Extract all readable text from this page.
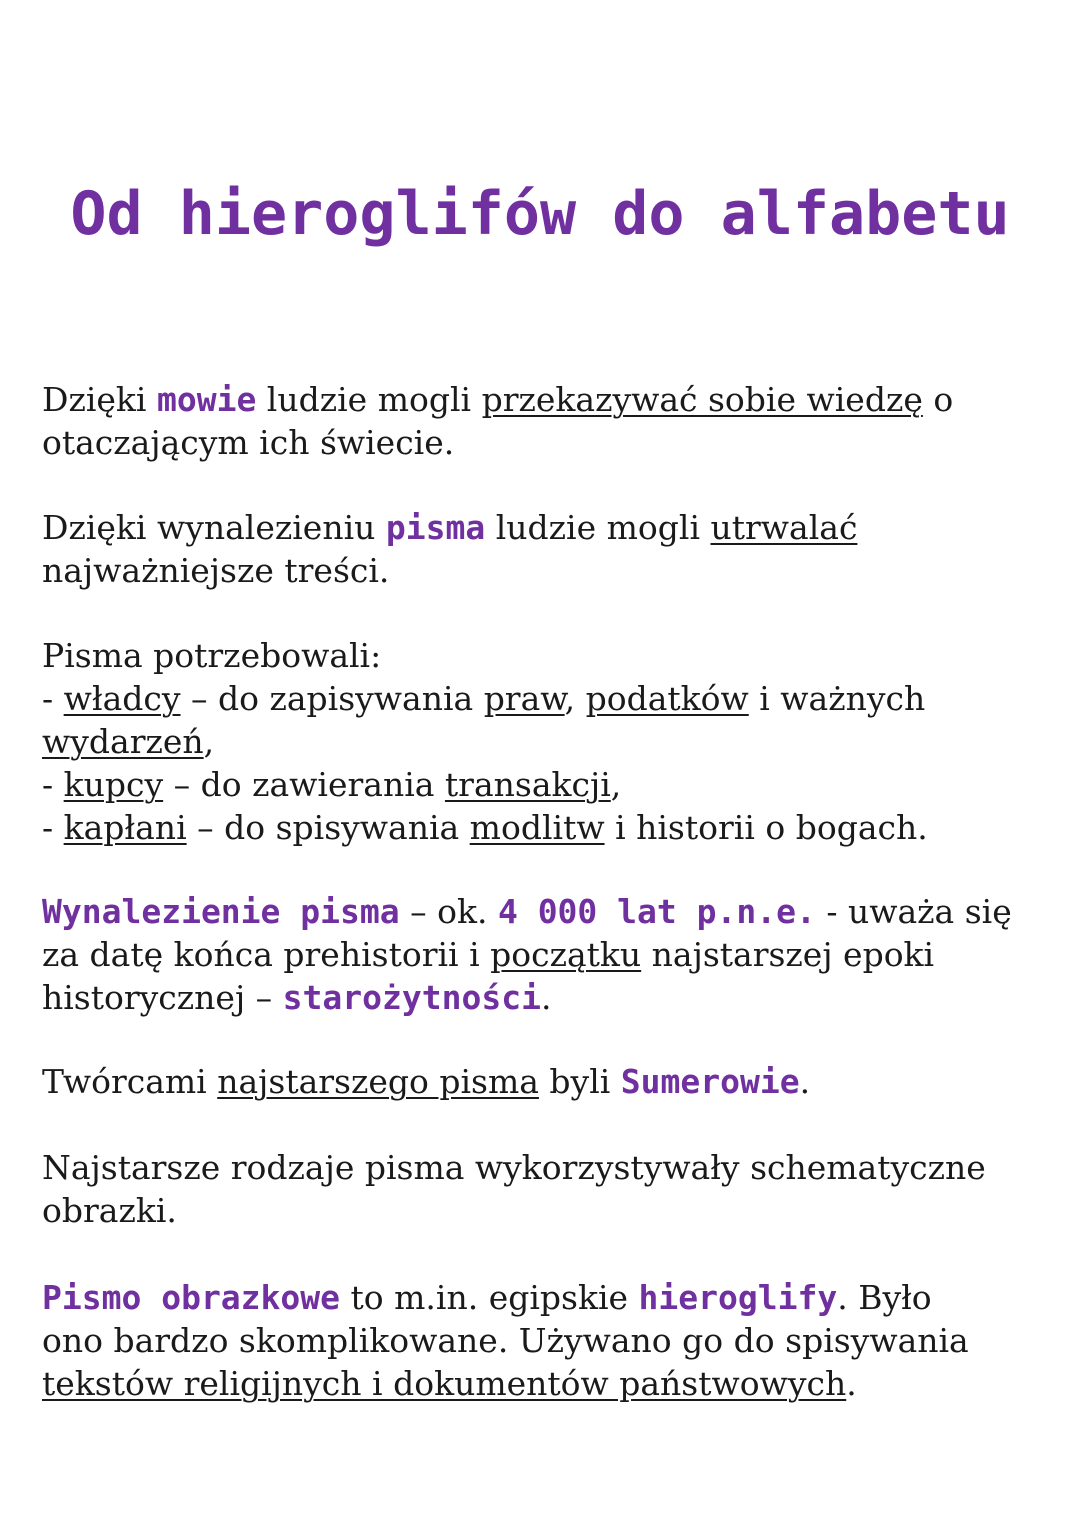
Od hieroglifów do alfabetu

Dzięki mowie ludzie mogli przekazywać sobie wiedzę o
otaczającym ich świecie.

Dzięki wynalezieniu pisma ludzie mogli utrwalać
najważniejsze treści.

Pisma potrzebowali:
- władcy – do zapisywania praw, podatków i ważnych
wydarzeń,
- kupcy – do zawierania transakcji,
- kapłani – do spisywania modlitw i historii o bogach.

Wynalezienie pisma – ok. 4 000 lat p.n.e. - uważa się
za datę końca prehistorii i początku najstarszej epoki
historycznej – starożytności.

Twórcami najstarszego pisma byli Sumerowie.

Najstarsze rodzaje pisma wykorzystywały schematyczne
obrazki.

Pismo obrazkowe to m.in. egipskie hieroglify. Było
ono bardzo skomplikowane. Używano go do spisywania
tekstów religijnych i dokumentów państwowych.
